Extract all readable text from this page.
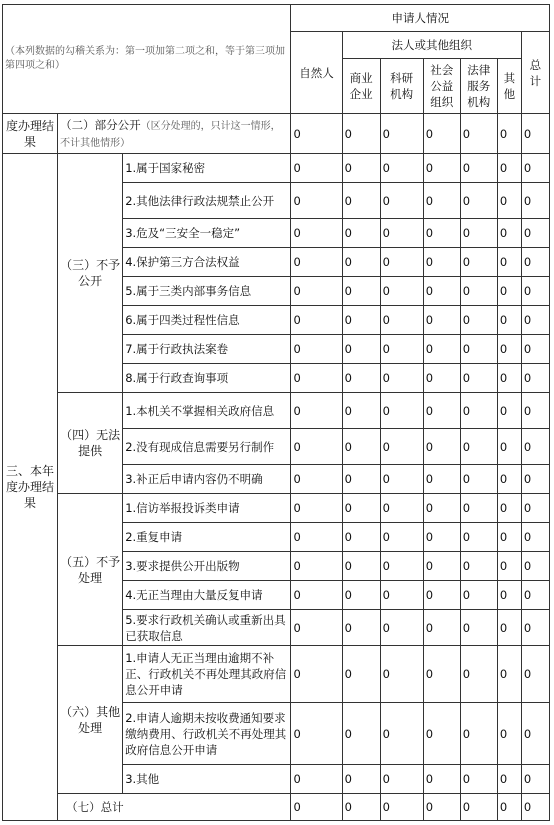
（本列数据的勾稽关系为：第一项加第二项之和，等于第三项加第四项之和）			申请人情况						
			自然人	法人或其他组织					总计
				商业企业	科研机构	社会公益组织	法律服务机构	其他	
度办理结果	（二）部分公开（区分处理的，只计这一情形，不计其他情形）		0	0	0	0	0	0	0
三、本年度办理结果	（三）不予公开	1.属于国家秘密	0	0	0	0	0	0	0
		2.其他法律行政法规禁止公开	0	0	0	0	0	0	0
		3.危及“三安全一稳定”	0	0	0	0	0	0	0
		4.保护第三方合法权益	0	0	0	0	0	0	0
		5.属于三类内部事务信息	0	0	0	0	0	0	0
		6.属于四类过程性信息	0	0	0	0	0	0	0
		7.属于行政执法案卷	0	0	0	0	0	0	0
		8.属于行政查询事项	0	0	0	0	0	0	0
	（四）无法提供	1.本机关不掌握相关政府信息	0	0	0	0	0	0	0
		2.没有现成信息需要另行制作	0	0	0	0	0	0	0
		3.补正后申请内容仍不明确	0	0	0	0	0	0	0
	（五）不予处理	1.信访举报投诉类申请	0	0	0	0	0	0	0
		2.重复申请	0	0	0	0	0	0	0
		3.要求提供公开出版物	0	0	0	0	0	0	0
		4.无正当理由大量反复申请	0	0	0	0	0	0	0
		5.要求行政机关确认或重新出具已获取信息	0	0	0	0	0	0	0
	（六）其他处理	1.申请人无正当理由逾期不补正、行政机关不再处理其政府信息公开申请	0	0	0	0	0	0	0
		2.申请人逾期未按收费通知要求缴纳费用、行政机关不再处理其政府信息公开申请	0	0	0	0	0	0	0
		3.其他	0	0	0	0	0	0	0
	（七）总计		0	0	0	0	0	0	0
